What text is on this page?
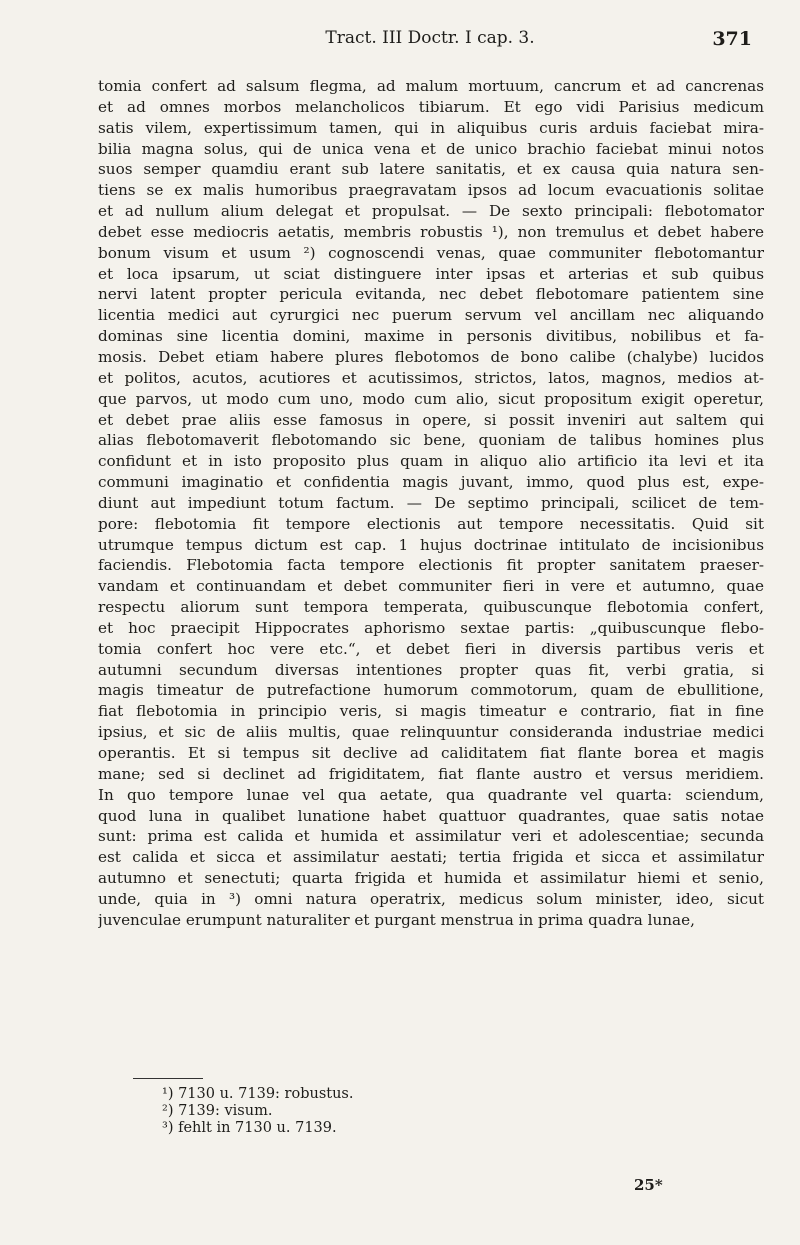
Tract. III Doctr. I cap. 3.	371
tomia confert ad salsum flegma, ad malum mortuum, cancrum et ad cancrenas
et ad omnes morbos melancholicos tibiarum. Et ego vidi Parisius medicum
satis vilem, expertissimum tamen, qui in aliquibus curis arduis faciebat mira-
bilia magna solus, qui de unica vena et de unico brachio faciebat minui notos
suos semper quamdiu erant sub latere sanitatis, et ex causa quia natura sen-
tiens se ex malis humoribus praegravatam ipsos ad locum evacuationis solitae
et ad nullum alium delegat et propulsat. — De sexto principali: flebotomator
debet esse mediocris aetatis, membris robustis ¹), non tremulus et debet habere
bonum visum et usum ²) cognoscendi venas, quae communiter flebotomantur
et loca ipsarum, ut sciat distinguere inter ipsas et arterias et sub quibus
nervi latent propter pericula evitanda, nec debet flebotomare patientem sine
licentia medici aut cyrurgici nec puerum servum vel ancillam nec aliquando
dominas sine licentia domini, maxime in personis divitibus, nobilibus et fa-
mosis. Debet etiam habere plures flebotomos de bono calibe (chalybe) lucidos
et politos, acutos, acutiores et acutissimos, strictos, latos, magnos, medios at-
que parvos, ut modo cum uno, modo cum alio, sicut propositum exigit operetur,
et debet prae aliis esse famosus in opere, si possit inveniri aut saltem qui
alias flebotomaverit flebotomando sic bene, quoniam de talibus homines plus
confidunt et in isto proposito plus quam in aliquo alio artificio ita levi et ita
communi imaginatio et confidentia magis juvant, immo, quod plus est, expe-
diunt aut impediunt totum factum. — De septimo principali, scilicet de tem-
pore: flebotomia fit tempore electionis aut tempore necessitatis. Quid sit
utrumque tempus dictum est cap. 1 hujus doctrinae intitulato de incisionibus
faciendis. Flebotomia facta tempore electionis fit propter sanitatem praeser-
vandam et continuandam et debet communiter fieri in vere et autumno, quae
respectu aliorum sunt tempora temperata, quibuscunque flebotomia confert,
et hoc praecipit Hippocrates aphorismo sextae partis: „quibuscunque flebo-
tomia confert hoc vere etc.“, et debet fieri in diversis partibus veris et
autumni secundum diversas intentiones propter quas fit, verbi gratia, si
magis timeatur de putrefactione humorum commotorum, quam de ebullitione,
fiat flebotomia in principio veris, si magis timeatur e contrario, fiat in fine
ipsius, et sic de aliis multis, quae relinquuntur consideranda industriae medici
operantis. Et si tempus sit declive ad caliditatem fiat flante borea et magis
mane; sed si declinet ad frigiditatem, fiat flante austro et versus meridiem.
In quo tempore lunae vel qua aetate, qua quadrante vel quarta: sciendum,
quod luna in qualibet lunatione habet quattuor quadrantes, quae satis notae
sunt: prima est calida et humida et assimilatur veri et adolescentiae; secunda
est calida et sicca et assimilatur aestati; tertia frigida et sicca et assimilatur
autumno et senectuti; quarta frigida et humida et assimilatur hiemi et senio,
unde, quia in ³) omni natura operatrix, medicus solum minister, ideo, sicut
juvenculae erumpunt naturaliter et purgant menstrua in prima quadra lunae,
¹) 7130 u. 7139: robustus.
²) 7139: visum.
³) fehlt in 7130 u. 7139.
25*
